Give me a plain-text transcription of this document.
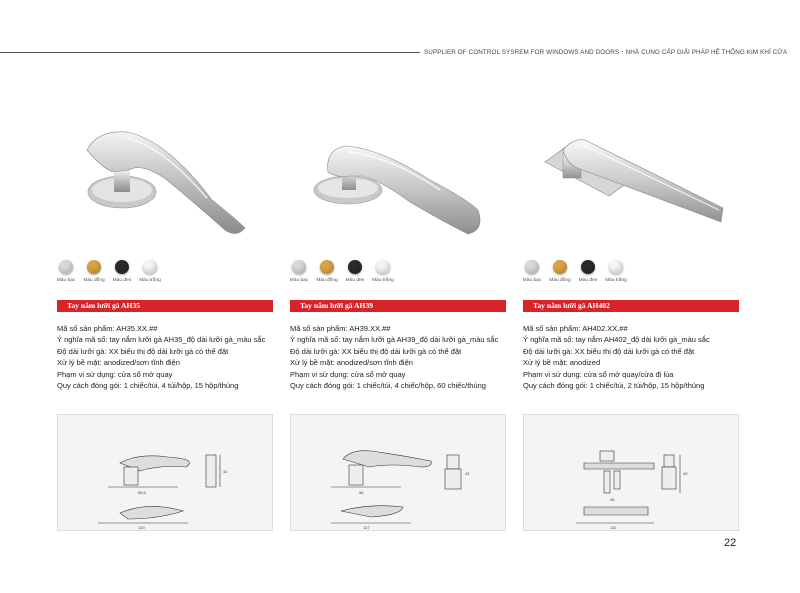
SUPPLIER OF CONTROL SYSREM FOR WINDOWS AND DOORS・NHÀ CUNG CẤP GIẢI PHÁP HỆ THỐNG KIM KHÍ CỬA
Màu bạc	Màu đồng	Màu đen	Màu trắng
Tay nắm lưỡi gà AH35
Mã số sản phẩm: AH35.XX.##
Ý nghĩa mã số: tay nắm lưỡi gà AH35_độ dài lưỡi gà_màu sắc
Độ dài lưỡi gà: XX biểu thị độ dài lưỡi gà có thể đặt
Xử lý bề mặt: anodized/sơn tĩnh điện
Phạm vi sử dụng: cửa sổ mở quay
Quy cách đóng gói: 1 chiếc/túi, 4 túi/hộp, 15 hộp/thùng
56.8
120
44
Màu bạc	Màu đồng	Màu đen	Màu trắng
Tay nắm lưỡi gà AH39
Mã số sản phẩm: AH39.XX.##
Ý nghĩa mã số: tay nắm lưỡi gà AH39_độ dài lưỡi gà_màu sắc
Độ dài lưỡi gà: XX biểu thị độ dài lưỡi gà có thể đặt
Xử lý bề mặt: anodized/sơn tĩnh điện
Phạm vi sử dụng: cửa sổ mở quay
Quy cách đóng gói: 1 chiếc/túi, 4 chiếc/hộp, 60 chiếc/thùng
56
127
43
Màu bạc	Màu đồng	Màu đen	Màu trắng
Tay nắm lưỡi gà AH402
Mã số sản phẩm: AH402.XX.##
Ý nghĩa mã số: tay nắm AH402_độ dài lưỡi gà_màu sắc
Độ dài lưỡi gà: XX biểu thị độ dài lưỡi gà có thể đặt
Xử lý bề mặt: anodized
Phạm vi sử dụng: cửa sổ mở quay/cửa đi lùa
Quy cách đóng gói: 1 chiếc/túi, 2 túi/hộp, 15 hộp/thùng
48
110
40
22
